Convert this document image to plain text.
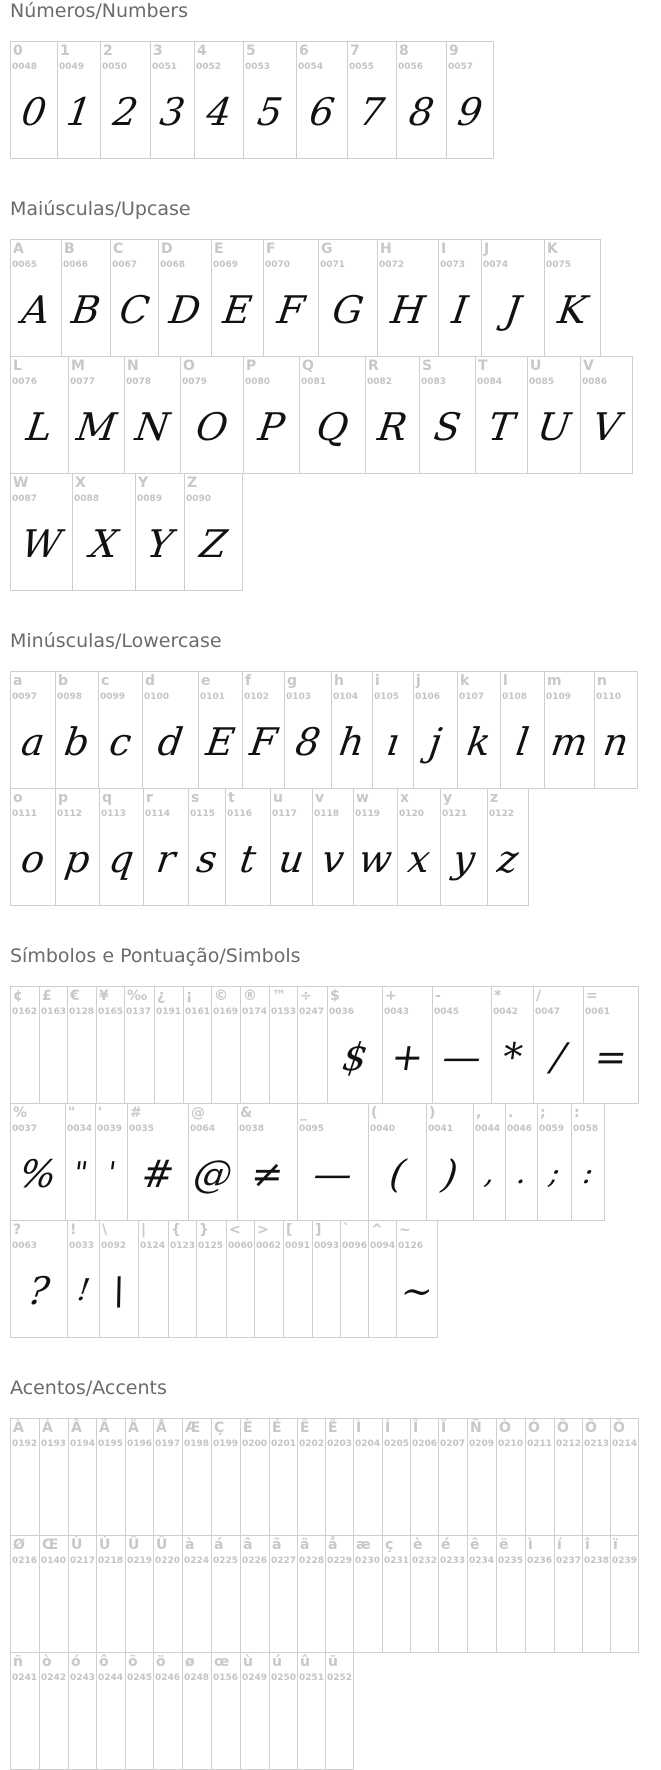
Números/Numbers
0
0048
0
1
0049
1
2
0050
2
3
0051
3
4
0052
4
5
0053
5
6
0054
6
7
0055
7
8
0056
8
9
0057
9
Maiúsculas/Upcase
A
0065
A
B
0066
B
C
0067
C
D
0068
D
E
0069
E
F
0070
F
G
0071
G
H
0072
H
I
0073
I
J
0074
J
K
0075
K
L
0076
L
M
0077
M
N
0078
N
O
0079
O
P
0080
P
Q
0081
Q
R
0082
R
S
0083
S
T
0084
T
U
0085
U
V
0086
V
W
0087
W
X
0088
X
Y
0089
Y
Z
0090
Z
Minúsculas/Lowercase
a
0097
a
b
0098
b
c
0099
c
d
0100
d
e
0101
E
f
0102
F
g
0103
8
h
0104
h
i
0105
ı
j
0106
j
k
0107
k
l
0108
l
m
0109
m
n
0110
n
o
0111
o
p
0112
p
q
0113
q
r
0114
r
s
0115
s
t
0116
t
u
0117
u
v
0118
v
w
0119
w
x
0120
x
y
0121
y
z
0122
z
Símbolos e Pontuação/Simbols
¢
0162
£
0163
€
0128
¥
0165
‰
0137
¿
0191
¡
0161
©
0169
®
0174
™
0153
÷
0247
$
0036
$
+
0043
+
-
0045
—
*
0042
*
/
0047
/
=
0061
=
%
0037
%
"
0034
"
'
0039
'
#
0035
#
@
0064
@
&
0038
≠
_
0095
—
(
0040
(
)
0041
)
,
0044
,
.
0046
.
;
0059
;
:
0058
:
?
0063
?
!
0033
!
\
0092
\
|
0124
{
0123
}
0125
<
0060
>
0062
[
0091
]
0093
`
0096
^
0094
~
0126
~
Acentos/Accents
À
0192
Á
0193
Â
0194
Ã
0195
Ä
0196
Å
0197
Æ
0198
Ç
0199
È
0200
É
0201
Ê
0202
Ë
0203
Ì
0204
Í
0205
Î
0206
Ï
0207
Ñ
0209
Ò
0210
Ó
0211
Ô
0212
Õ
0213
Ö
0214
Ø
0216
Œ
0140
Ù
0217
Ú
0218
Û
0219
Ü
0220
à
0224
á
0225
â
0226
ã
0227
ä
0228
å
0229
æ
0230
ç
0231
è
0232
é
0233
ê
0234
ë
0235
ì
0236
í
0237
î
0238
ï
0239
ñ
0241
ò
0242
ó
0243
ô
0244
õ
0245
ö
0246
ø
0248
œ
0156
ù
0249
ú
0250
û
0251
ü
0252
